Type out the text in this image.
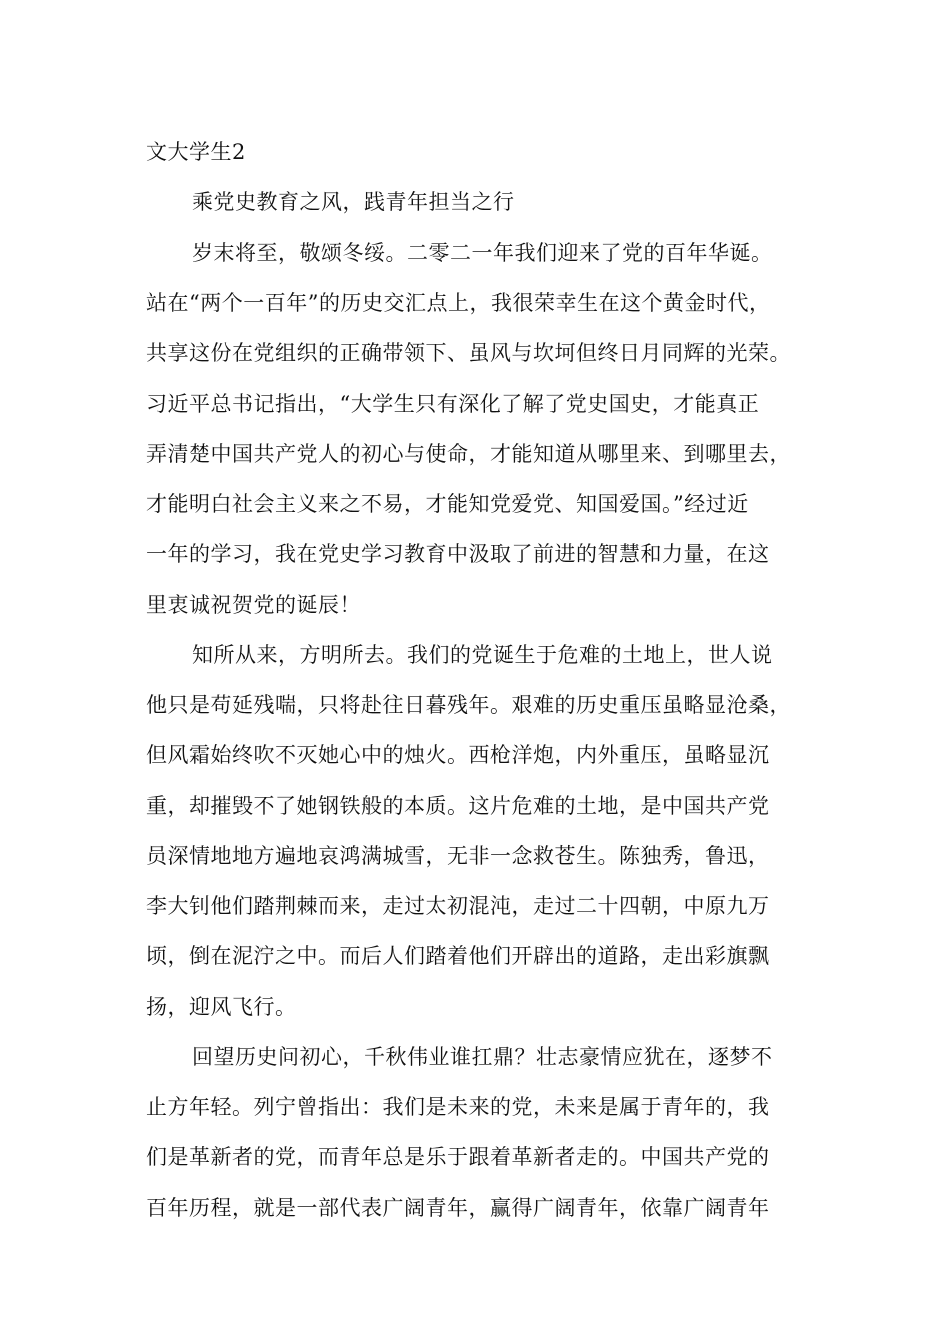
文大学生2
乘党史教育之风，践青年担当之行
岁末将至，敬颂冬绥。二零二一年我们迎来了党的百年华诞。
站在“两个一百年”的历史交汇点上，我很荣幸生在这个黄金时代，
共享这份在党组织的正确带领下、虽风与坎坷但终日月同辉的光荣。
习近平总书记指出，“大学生只有深化了解了党史国史，才能真正
弄清楚中国共产党人的初心与使命，才能知道从哪里来、到哪里去，
才能明白社会主义来之不易，才能知党爱党、知国爱国。”经过近
一年的学习，我在党史学习教育中汲取了前进的智慧和力量，在这
里衷诚祝贺党的诞辰！
知所从来，方明所去。我们的党诞生于危难的土地上，世人说
他只是苟延残喘，只将赴往日暮残年。艰难的历史重压虽略显沧桑，
但风霜始终吹不灭她心中的烛火。西枪洋炮，内外重压，虽略显沉
重，却摧毁不了她钢铁般的本质。这片危难的土地，是中国共产党
员深情地地方遍地哀鸿满城雪，无非一念救苍生。陈独秀，鲁迅，
李大钊他们踏荆棘而来，走过太初混沌，走过二十四朝，中原九万
顷，倒在泥泞之中。而后人们踏着他们开辟出的道路，走出彩旗飘
扬，迎风飞行。
回望历史问初心，千秋伟业谁扛鼎？壮志豪情应犹在，逐梦不
止方年轻。列宁曾指出：我们是未来的党，未来是属于青年的，我
们是革新者的党，而青年总是乐于跟着革新者走的。中国共产党的
百年历程，就是一部代表广阔青年，赢得广阔青年，依靠广阔青年
